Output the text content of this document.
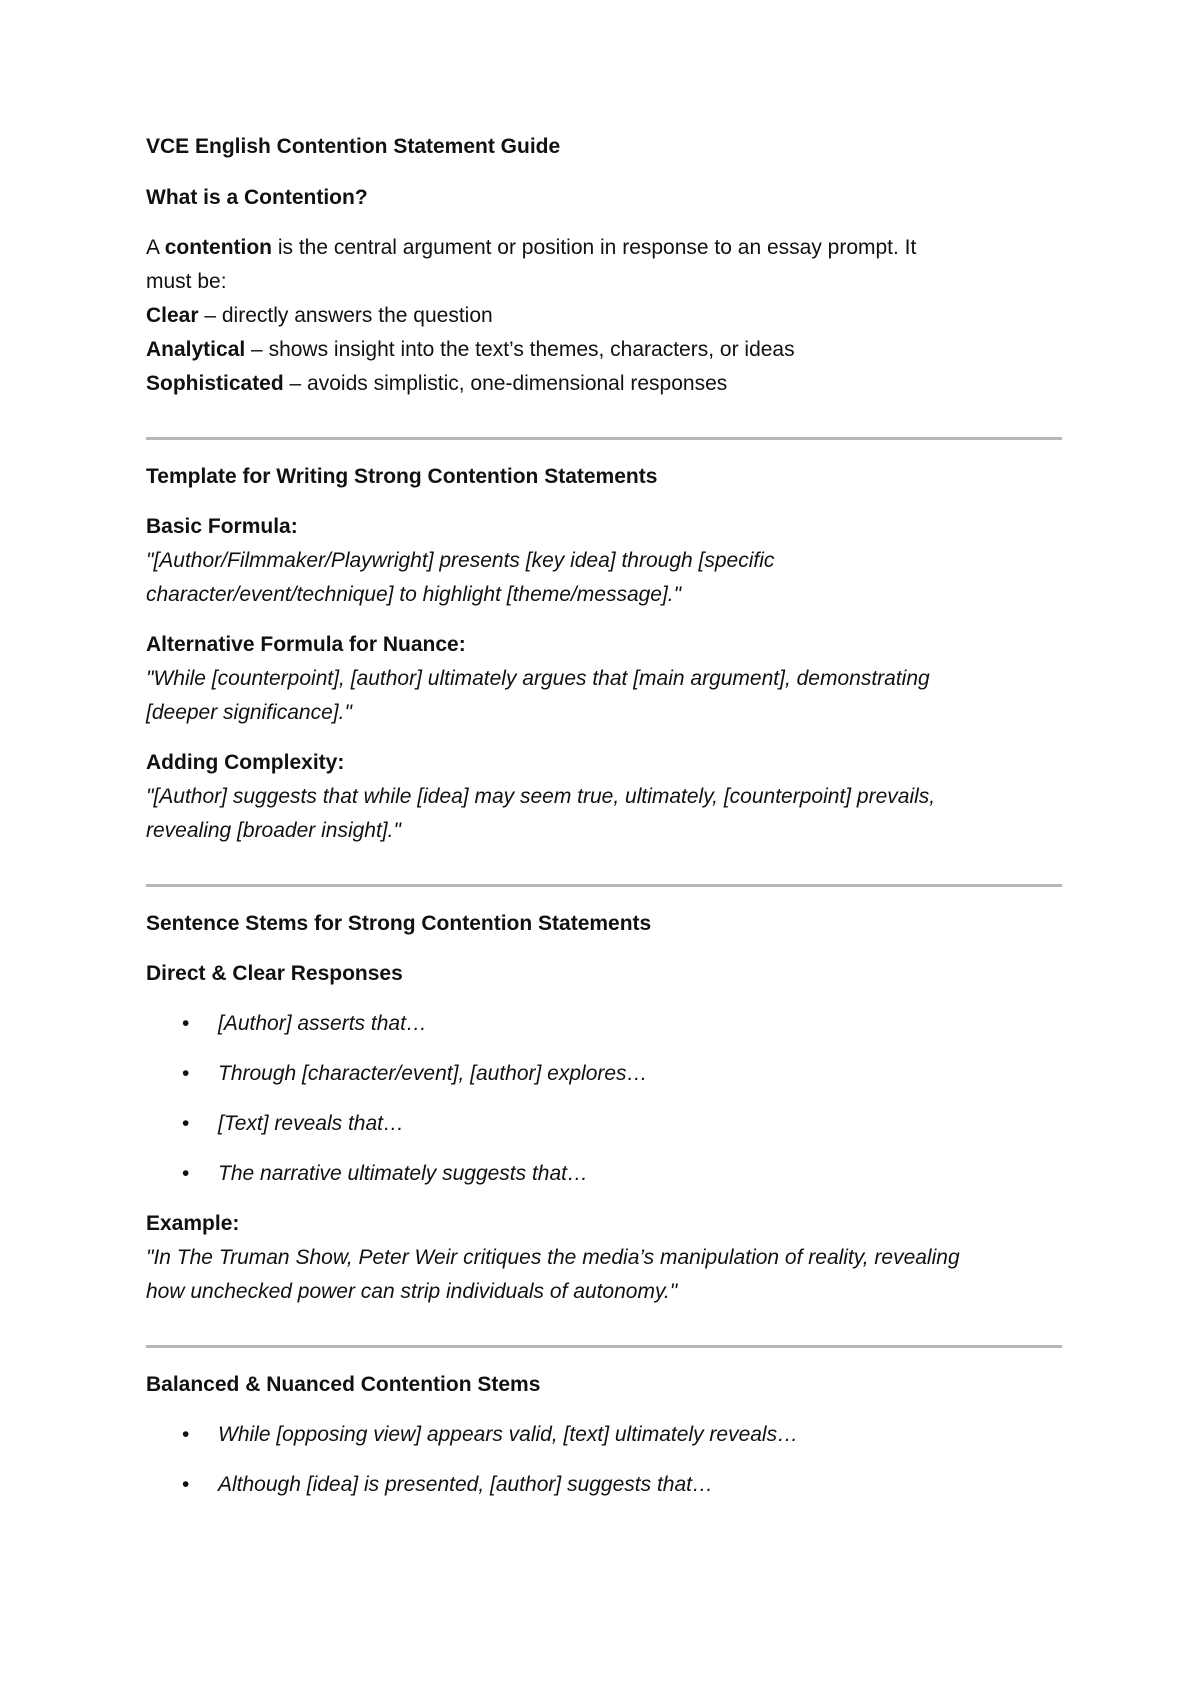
VCE English Contention Statement Guide
What is a Contention?
A contention is the central argument or position in response to an essay prompt. It
must be:
Clear – directly answers the question
Analytical – shows insight into the text’s themes, characters, or ideas
Sophisticated – avoids simplistic, one-dimensional responses
Template for Writing Strong Contention Statements
Basic Formula:
"[Author/Filmmaker/Playwright] presents [key idea] through [specific
character/event/technique] to highlight [theme/message]."
Alternative Formula for Nuance:
"While [counterpoint], [author] ultimately argues that [main argument], demonstrating
[deeper significance]."
Adding Complexity:
"[Author] suggests that while [idea] may seem true, ultimately, [counterpoint] prevails,
revealing [broader insight]."
Sentence Stems for Strong Contention Statements
Direct & Clear Responses
• [Author] asserts that…
• Through [character/event], [author] explores…
• [Text] reveals that…
• The narrative ultimately suggests that…
Example:
"In The Truman Show, Peter Weir critiques the media’s manipulation of reality, revealing
how unchecked power can strip individuals of autonomy."
Balanced & Nuanced Contention Stems
• While [opposing view] appears valid, [text] ultimately reveals…
• Although [idea] is presented, [author] suggests that…
